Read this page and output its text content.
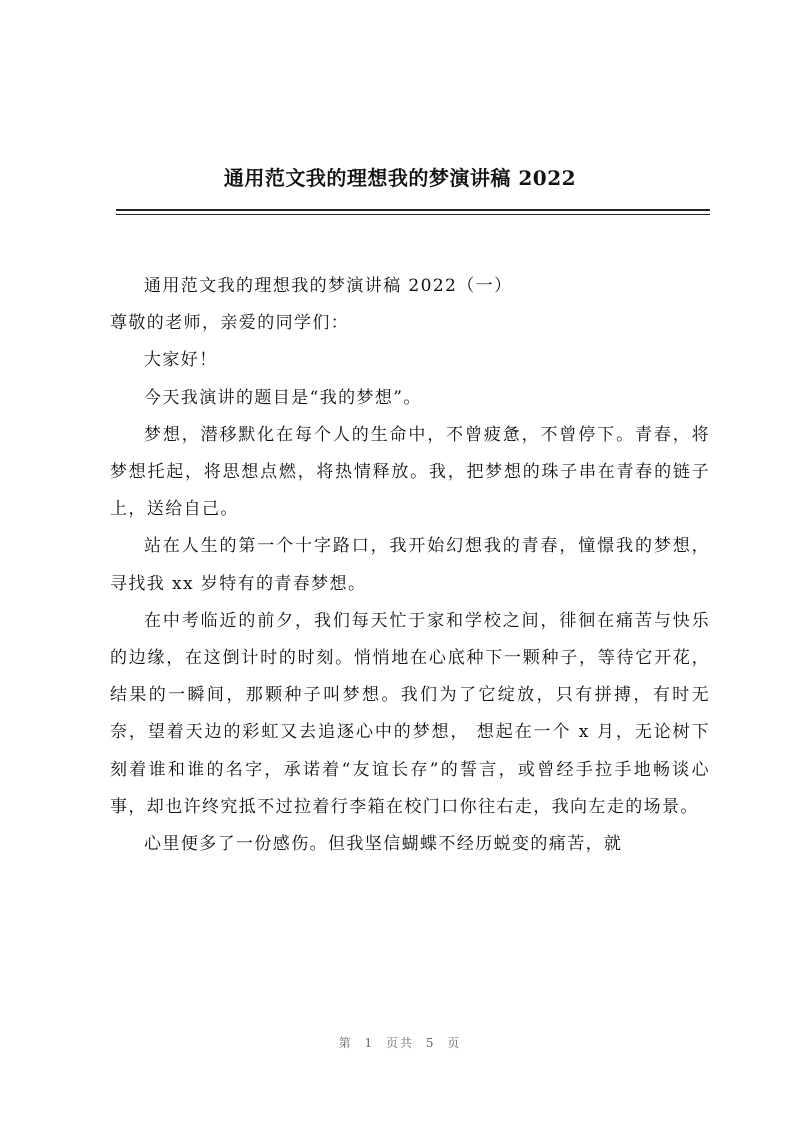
通用范文我的理想我的梦演讲稿 2022

通用范文我的理想我的梦演讲稿 2022（一）

尊敬的老师，亲爱的同学们：

大家好！

今天我演讲的题目是“我的梦想”。

梦想，潜移默化在每个人的生命中，不曾疲惫，不曾停下。青春，将梦想托起，将思想点燃，将热情释放。我，把梦想的珠子串在青春的链子上，送给自己。

站在人生的第一个十字路口，我开始幻想我的青春，憧憬我的梦想，寻找我 xx 岁特有的青春梦想。

在中考临近的前夕，我们每天忙于家和学校之间，徘徊在痛苦与快乐的边缘，在这倒计时的时刻。悄悄地在心底种下一颗种子，等待它开花，结果的一瞬间，那颗种子叫梦想。我们为了它绽放，只有拼搏，有时无奈，望着天边的彩虹又去追逐心中的梦想， 想起在一个 x 月，无论树下刻着谁和谁的名字，承诺着“友谊长存”的誓言，或曾经手拉手地畅谈心事，却也许终究抵不过拉着行李箱在校门口你往右走，我向左走的场景。

心里便多了一份感伤。但我坚信蝴蝶不经历蜕变的痛苦，就

第 1 页共 5 页
